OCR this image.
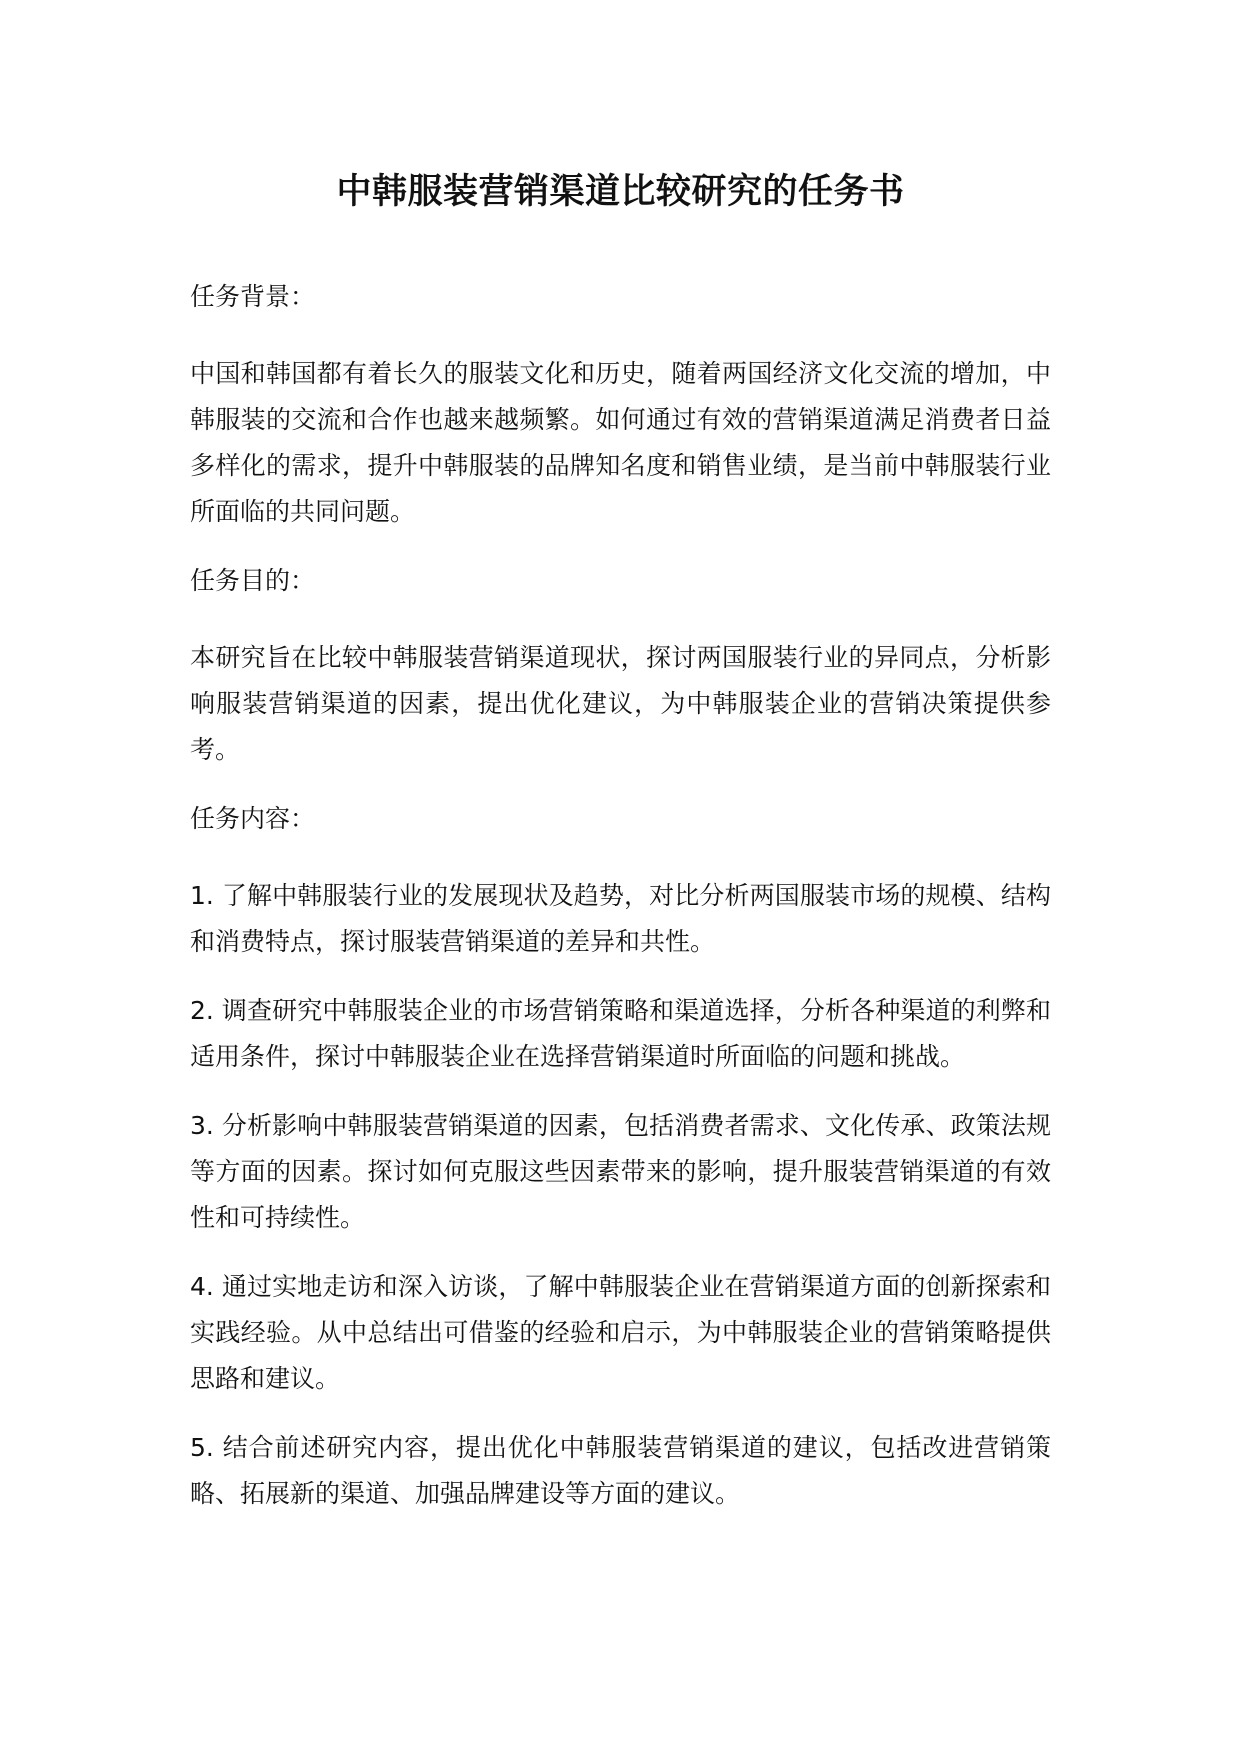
中韩服装营销渠道比较研究的任务书
任务背景：

中国和韩国都有着长久的服装文化和历史，随着两国经济文化交流的增加，中韩服装的交流和合作也越来越频繁。如何通过有效的营销渠道满足消费者日益多样化的需求，提升中韩服装的品牌知名度和销售业绩，是当前中韩服装行业所面临的共同问题。

任务目的：

本研究旨在比较中韩服装营销渠道现状，探讨两国服装行业的异同点，分析影响服装营销渠道的因素，提出优化建议，为中韩服装企业的营销决策提供参考。

任务内容：

1. 了解中韩服装行业的发展现状及趋势，对比分析两国服装市场的规模、结构和消费特点，探讨服装营销渠道的差异和共性。

2. 调查研究中韩服装企业的市场营销策略和渠道选择，分析各种渠道的利弊和适用条件，探讨中韩服装企业在选择营销渠道时所面临的问题和挑战。

3. 分析影响中韩服装营销渠道的因素，包括消费者需求、文化传承、政策法规等方面的因素。探讨如何克服这些因素带来的影响，提升服装营销渠道的有效性和可持续性。

4. 通过实地走访和深入访谈，了解中韩服装企业在营销渠道方面的创新探索和实践经验。从中总结出可借鉴的经验和启示，为中韩服装企业的营销策略提供思路和建议。

5. 结合前述研究内容，提出优化中韩服装营销渠道的建议，包括改进营销策略、拓展新的渠道、加强品牌建设等方面的建议。
